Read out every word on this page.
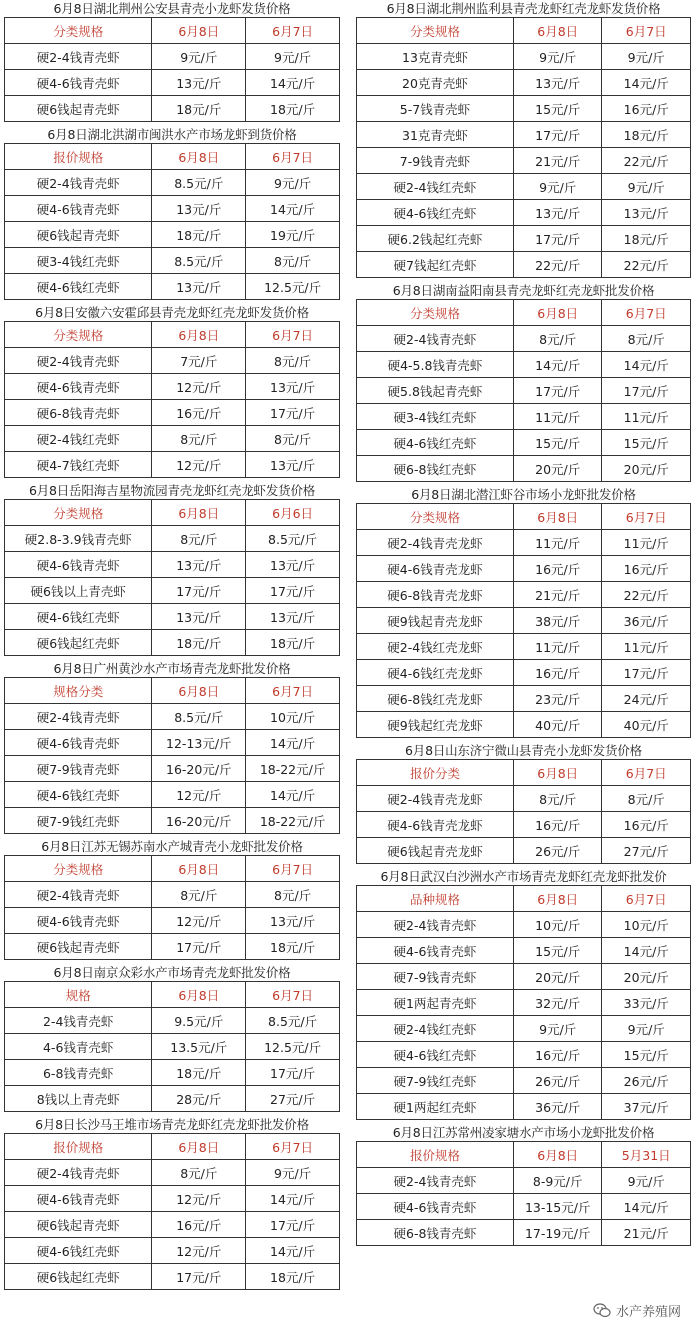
6月8日湖北荆州公安县青壳小龙虾发货价格
分类规格	6月8日	6月7日
硬2-4钱青壳虾	9元/斤	9元/斤
硬4-6钱青壳虾	13元/斤	14元/斤
硬6钱起青壳虾	18元/斤	18元/斤
6月8日湖北洪湖市闽洪水产市场龙虾到货价格
报价规格	6月8日	6月7日
硬2-4钱青壳虾	8.5元/斤	9元/斤
硬4-6钱青壳虾	13元/斤	14元/斤
硬6钱起青壳虾	18元/斤	19元/斤
硬3-4钱红壳虾	8.5元/斤	8元/斤
硬4-6钱红壳虾	13元/斤	12.5元/斤
6月8日安徽六安霍邱县青壳龙虾红壳龙虾发货价格
分类规格	6月8日	6月7日
硬2-4钱青壳虾	7元/斤	8元/斤
硬4-6钱青壳虾	12元/斤	13元/斤
硬6-8钱青壳虾	16元/斤	17元/斤
硬2-4钱红壳虾	8元/斤	8元/斤
硬4-7钱红壳虾	12元/斤	13元/斤
6月8日岳阳海吉星物流园青壳龙虾红壳龙虾发货价格
分类规格	6月8日	6月6日
硬2.8-3.9钱青壳虾	8元/斤	8.5元/斤
硬4-6钱青壳虾	13元/斤	13元/斤
硬6钱以上青壳虾	17元/斤	17元/斤
硬4-6钱红壳虾	13元/斤	13元/斤
硬6钱起红壳虾	18元/斤	18元/斤
6月8日广州黄沙水产市场青壳龙虾批发价格
规格分类	6月8日	6月7日
硬2-4钱青壳虾	8.5元/斤	10元/斤
硬4-6钱青壳虾	12-13元/斤	14元/斤
硬7-9钱青壳虾	16-20元/斤	18-22元/斤
硬4-6钱红壳虾	12元/斤	14元/斤
硬7-9钱红壳虾	16-20元/斤	18-22元/斤
6月8日江苏无锡苏南水产城青壳小龙虾批发价格
分类规格	6月8日	6月7日
硬2-4钱青壳虾	8元/斤	8元/斤
硬4-6钱青壳虾	12元/斤	13元/斤
硬6钱起青壳虾	17元/斤	18元/斤
6月8日南京众彩水产市场青壳龙虾批发价格
规格	6月8日	6月7日
2-4钱青壳虾	9.5元/斤	8.5元/斤
4-6钱青壳虾	13.5元/斤	12.5元/斤
6-8钱青壳虾	18元/斤	17元/斤
8钱以上青壳虾	28元/斤	27元/斤
6月8日长沙马王堆市场青壳龙虾红壳龙虾批发价格
报价规格	6月8日	6月7日
硬2-4钱青壳虾	8元/斤	9元/斤
硬4-6钱青壳虾	12元/斤	14元/斤
硬6钱起青壳虾	16元/斤	17元/斤
硬4-6钱红壳虾	12元/斤	14元/斤
硬6钱起红壳虾	17元/斤	18元/斤
6月8日湖北荆州监利县青壳龙虾红壳龙虾发货价格
分类规格	6月8日	6月7日
13克青壳虾	9元/斤	9元/斤
20克青壳虾	13元/斤	14元/斤
5-7钱青壳虾	15元/斤	16元/斤
31克青壳虾	17元/斤	18元/斤
7-9钱青壳虾	21元/斤	22元/斤
硬2-4钱红壳虾	9元/斤	9元/斤
硬4-6钱红壳虾	13元/斤	13元/斤
硬6.2钱起红壳虾	17元/斤	18元/斤
硬7钱起红壳虾	22元/斤	22元/斤
6月8日湖南益阳南县青壳龙虾红壳龙虾批发价格
分类规格	6月8日	6月7日
硬2-4钱青壳虾	8元/斤	8元/斤
硬4-5.8钱青壳虾	14元/斤	14元/斤
硬5.8钱起青壳虾	17元/斤	17元/斤
硬3-4钱红壳虾	11元/斤	11元/斤
硬4-6钱红壳虾	15元/斤	15元/斤
硬6-8钱红壳虾	20元/斤	20元/斤
6月8日湖北潜江虾谷市场小龙虾批发价格
分类规格	6月8日	6月7日
硬2-4钱青壳龙虾	11元/斤	11元/斤
硬4-6钱青壳龙虾	16元/斤	16元/斤
硬6-8钱青壳龙虾	21元/斤	22元/斤
硬9钱起青壳龙虾	38元/斤	36元/斤
硬2-4钱红壳龙虾	11元/斤	11元/斤
硬4-6钱红壳龙虾	16元/斤	17元/斤
硬6-8钱红壳龙虾	23元/斤	24元/斤
硬9钱起红壳龙虾	40元/斤	40元/斤
6月8日山东济宁微山县青壳小龙虾发货价格
报价分类	6月8日	6月7日
硬2-4钱青壳龙虾	8元/斤	8元/斤
硬4-6钱青壳龙虾	16元/斤	16元/斤
硬6钱起青壳龙虾	26元/斤	27元/斤
6月8日武汉白沙洲水产市场青壳龙虾红壳龙虾批发价
品种规格	6月8日	6月7日
硬2-4钱青壳虾	10元/斤	10元/斤
硬4-6钱青壳虾	15元/斤	14元/斤
硬7-9钱青壳虾	20元/斤	20元/斤
硬1两起青壳虾	32元/斤	33元/斤
硬2-4钱红壳虾	9元/斤	9元/斤
硬4-6钱红壳虾	16元/斤	15元/斤
硬7-9钱红壳虾	26元/斤	26元/斤
硬1两起红壳虾	36元/斤	37元/斤
6月8日江苏常州凌家塘水产市场小龙虾批发价格
报价规格	6月8日	5月31日
硬2-4钱青壳虾	8-9元/斤	9元/斤
硬4-6钱青壳虾	13-15元/斤	14元/斤
硬6-8钱青壳虾	17-19元/斤	21元/斤
水产养殖网
